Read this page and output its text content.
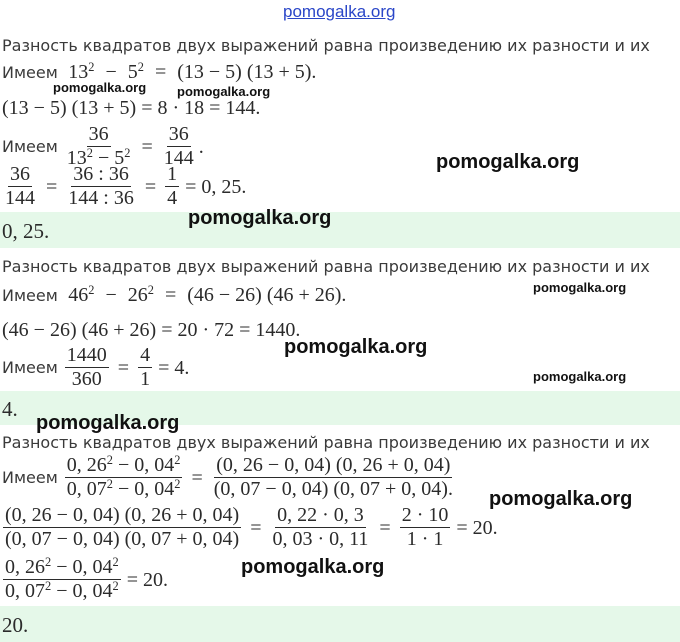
pomogalka.org
Разность квадратов двух выражений равна произведению их разности и их
Имеем $13^2 - 5^2 = (13 - 5) (13 + 5)$.
(13 − 5) (13 + 5) = 8 · 18 = 144.
Имеем $\frac{36}{13^2 - 5^2} = \frac{36}{144}$ .
$\frac{36}{144} = \frac{36 : 36}{144 : 36} = \frac{1}{4} = 0$, 25.
0, 25.
Разность квадратов двух выражений равна произведению их разности и их
Имеем $46^2 - 26^2 = (46 - 26) (46 + 26)$.
(46 − 26) (46 + 26) = 20 · 72 = 1440.
Имеем $\frac{1440}{360} = \frac{4}{1} = 4$.
4.
Разность квадратов двух выражений равна произведению их разности и их
Имеем $\frac{0, 26^2 - 0, 04^2}{0, 07^2 - 0, 04^2} = \frac{(0, 26 - 0, 04) (0, 26 + 0, 04)}{(0, 07 - 0, 04) (0, 07 + 0, 04).}$
$\frac{(0, 26 - 0, 04) (0, 26 + 0, 04)}{(0, 07 - 0, 04) (0, 07 + 0, 04)} = \frac{0, 22 \cdot 0, 3}{0, 03 \cdot 0, 11} = \frac{2 \cdot 10}{1 \cdot 1} = 20$.
$\frac{0, 26^2 - 0, 04^2}{0, 07^2 - 0, 04^2} = 20$.
20.
pomogalka.org pomogalka.org
pomogalka.org
pomogalka.org
pomogalka.org
pomogalka.org
pomogalka.org
pomogalka.org
pomogalka.org
pomogalka.org
